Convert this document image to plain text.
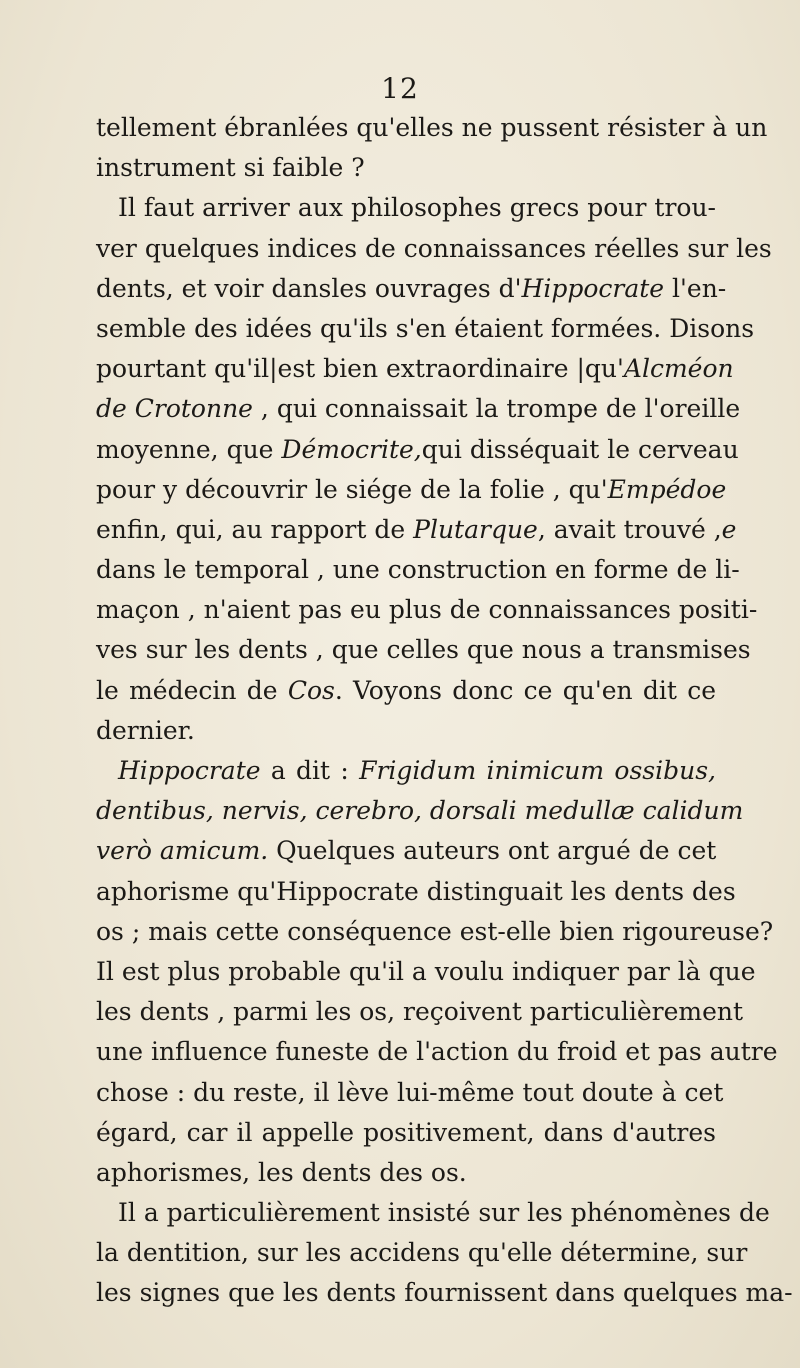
12
tellement ébranlées qu'elles ne pussent résister à un
instrument si faible ?
Il faut arriver aux philosophes grecs pour trou-
ver quelques indices de connaissances réelles sur les
dents, et voir dansles ouvrages d'Hippocrate l'en-
semble des idées qu'ils s'en étaient formées. Disons
pourtant qu'il|est bien extraordinaire |qu'Alcméon
de Crotonne , qui connaissait la trompe de l'oreille
moyenne, que Démocrite,qui disséquait le cerveau
pour y découvrir le siége de la folie , qu'Empédoe
enfin, qui, au rapport de Plutarque, avait trouvé ,e
dans le temporal , une construction en forme de li-
maçon , n'aient pas eu plus de connaissances positi-
ves sur les dents , que celles que nous a transmises
le médecin de Cos. Voyons donc ce qu'en dit ce
dernier.
Hippocrate a dit : Frigidum inimicum ossibus,
dentibus, nervis, cerebro, dorsali medullæ calidum
verò amicum. Quelques auteurs ont argué de cet
aphorisme qu'Hippocrate distinguait les dents des
os ; mais cette conséquence est-elle bien rigoureuse?
Il est plus probable qu'il a voulu indiquer par là que
les dents , parmi les os, reçoivent particulièrement
une influence funeste de l'action du froid et pas autre
chose : du reste, il lève lui-même tout doute à cet
égard, car il appelle positivement, dans d'autres
aphorismes, les dents des os.
Il a particulièrement insisté sur les phénomènes de
la dentition, sur les accidens qu'elle détermine, sur
les signes que les dents fournissent dans quelques ma-
